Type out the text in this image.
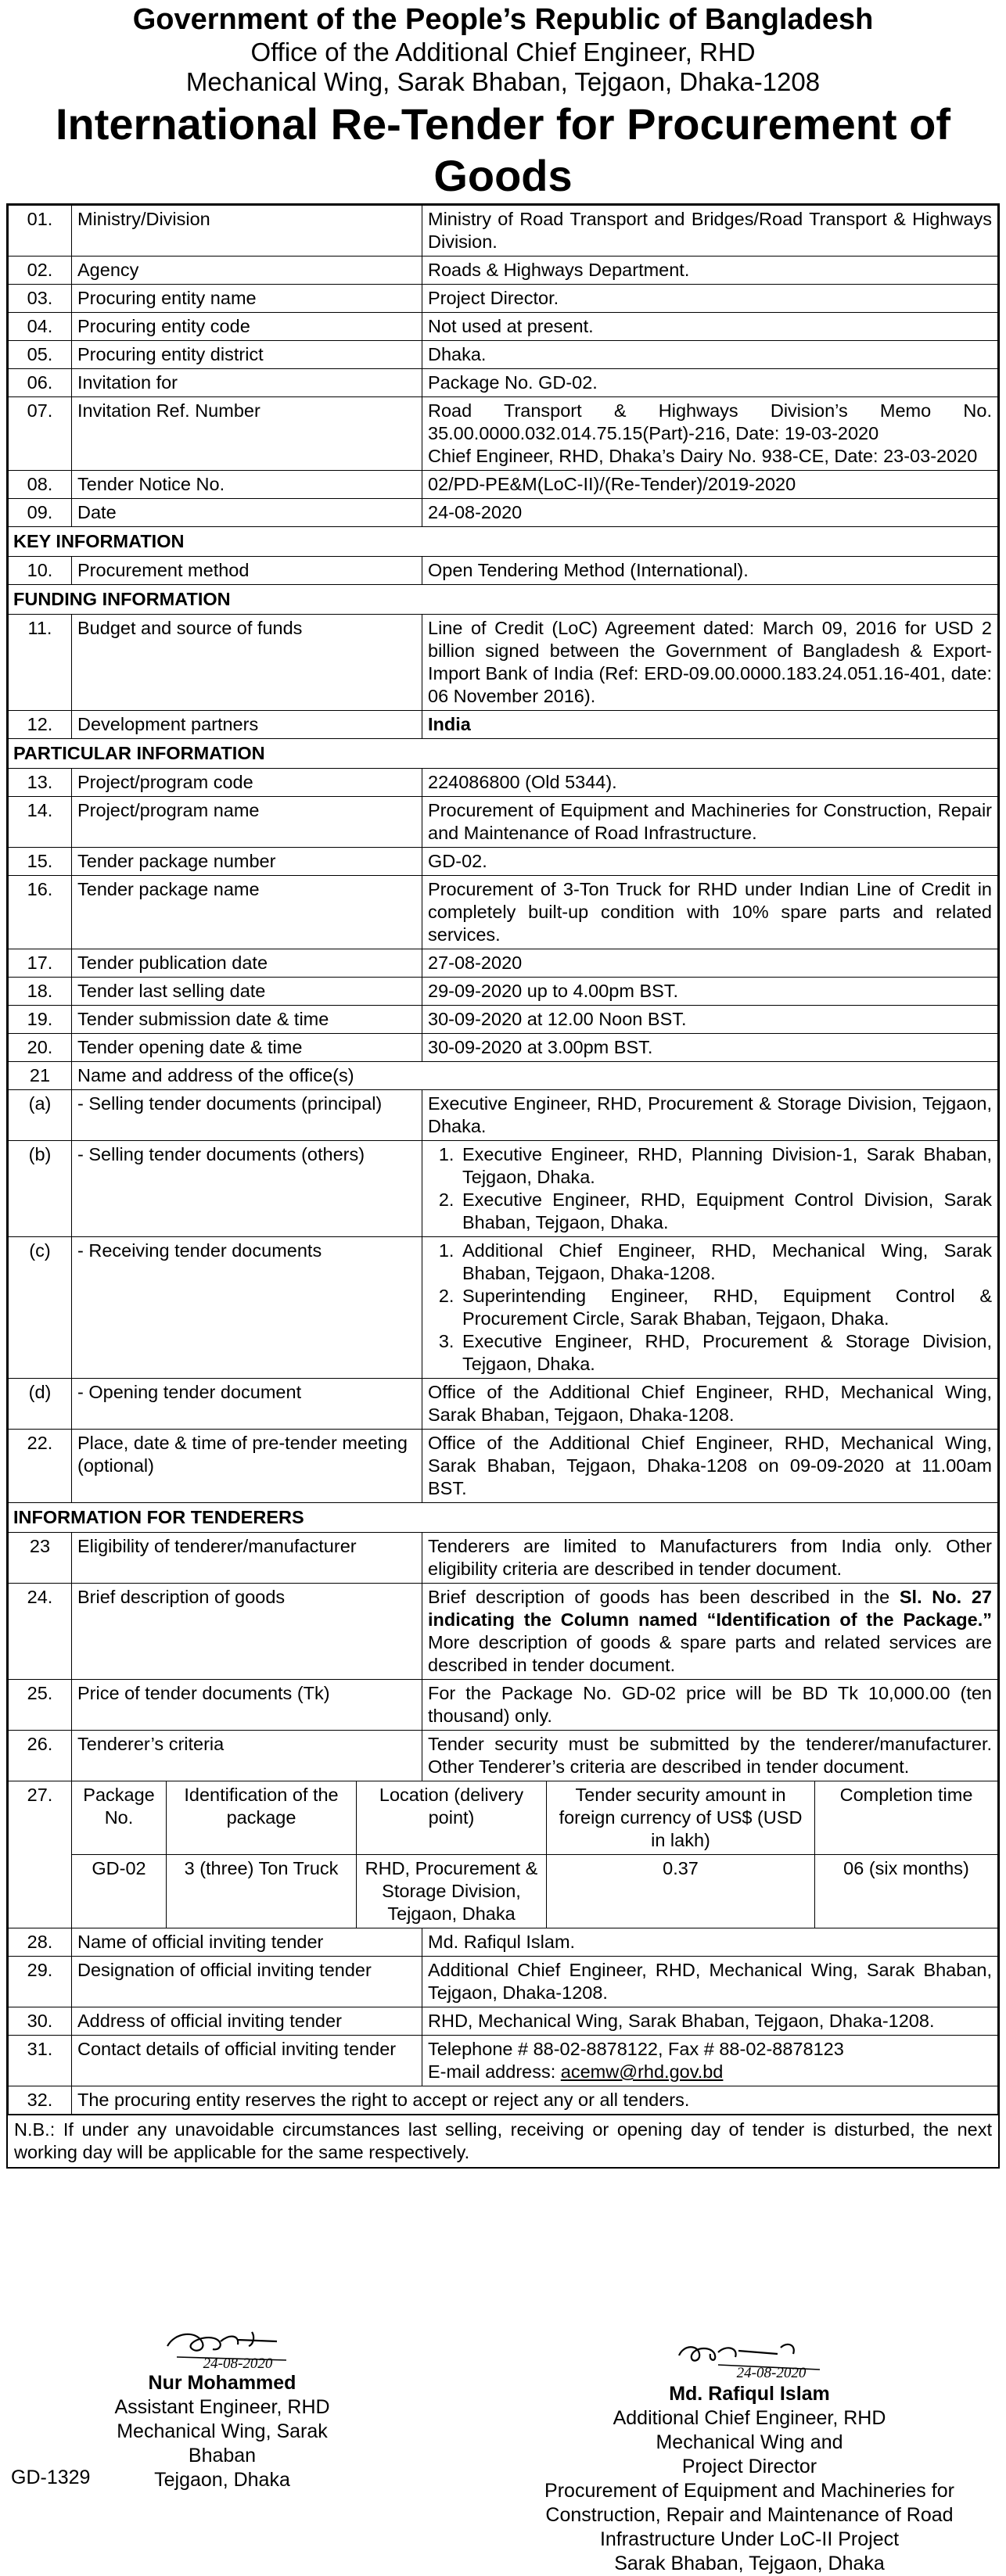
Government of the People’s Republic of Bangladesh
Office of the Additional Chief Engineer, RHD
Mechanical Wing, Sarak Bhaban, Tejgaon, Dhaka-1208
International Re-Tender for Procurement of Goods
01.	Ministry/Division	Ministry of Road Transport and Bridges/Road Transport & Highways Division.
02.	Agency	Roads & Highways Department.
03.	Procuring entity name	Project Director.
04.	Procuring entity code	Not used at present.
05.	Procuring entity district	Dhaka.
06.	Invitation for	Package No. GD-02.
07.	Invitation Ref. Number	Road Transport & Highways Division’s Memo No. 35.00.0000.032.014.75.15(Part)-216, Date: 19-03-2020
Chief Engineer, RHD, Dhaka’s Dairy No. 938-CE, Date: 23-03-2020

08.	Tender Notice No.	02/PD-PE&M(LoC-II)/(Re-Tender)/2019-2020
09.	Date	24-08-2020
KEY INFORMATION
10.	Procurement method	Open Tendering Method (International).
FUNDING INFORMATION
11.	Budget and source of funds	Line of Credit (LoC) Agreement dated: March 09, 2016 for USD 2 billion signed between the Government of Bangladesh & Export-Import Bank of India (Ref: ERD-09.00.0000.183.24.051.16-401, date: 06 November 2016).
12.	Development partners	India
PARTICULAR INFORMATION
13.	Project/program code	224086800 (Old 5344).
14.	Project/program name	Procurement of Equipment and Machineries for Construction, Repair and Maintenance of Road Infrastructure.
15.	Tender package number	GD-02.
16.	Tender package name	Procurement of 3-Ton Truck for RHD under Indian Line of Credit in completely built-up condition with 10% spare parts and related services.
17.	Tender publication date	27-08-2020
18.	Tender last selling date	29-09-2020 up to 4.00pm BST.
19.	Tender submission date & time	30-09-2020 at 12.00 Noon BST.
20.	Tender opening date & time	30-09-2020 at 3.00pm BST.
21	Name and address of the office(s)
(a)	- Selling tender documents (principal)	Executive Engineer, RHD, Procurement & Storage Division, Tejgaon, Dhaka.
(b)	- Selling tender documents (others)	
1.Executive Engineer, RHD, Planning Division-1, Sarak Bhaban, Tejgaon, Dhaka.
2. Executive Engineer, RHD, Equipment Control Division, Sarak Bhaban, Tejgaon, Dhaka.

(c)	- Receiving tender documents	
1.Additional Chief Engineer, RHD, Mechanical Wing, Sarak Bhaban, Tejgaon, Dhaka-1208.
2. Superintending Engineer, RHD, Equipment Control & Procurement Circle, Sarak Bhaban, Tejgaon, Dhaka.
3. Executive Engineer, RHD, Procurement & Storage Division, Tejgaon, Dhaka.

(d)	- Opening tender document	Office of the Additional Chief Engineer, RHD, Mechanical Wing, Sarak Bhaban, Tejgaon, Dhaka-1208.
22.	Place, date & time of pre-tender meeting (optional)	Office of the Additional Chief Engineer, RHD, Mechanical Wing, Sarak Bhaban, Tejgaon, Dhaka-1208 on 09-09-2020 at 11.00am BST.
INFORMATION FOR TENDERERS
23	Eligibility of tenderer/manufacturer	Tenderers are limited to Manufacturers from India only. Other eligibility criteria are described in tender document.
24.	Brief description of goods	Brief description of goods has been described in the Sl. No. 27 indicating the Column named “Identification of the Package.” More description of goods & spare parts and related services are described in tender document.
25.	Price of tender documents (Tk)	For the Package No. GD-02 price will be BD Tk 10,000.00 (ten thousand) only.
26.	Tenderer’s criteria	Tender security must be submitted by the tenderer/manufacturer. Other Tenderer’s criteria are described in tender document.
27.	Package No.	Identification of the package	Location (delivery point)	Tender security amount in foreign currency of US$ (USD in lakh)	Completion time
GD-02	3 (three) Ton Truck	RHD, Procurement & Storage Division, Tejgaon, Dhaka	0.37	06 (six months)

28.	Name of official inviting tender	Md. Rafiqul Islam.
29.	Designation of official inviting tender	Additional Chief Engineer, RHD, Mechanical Wing, Sarak Bhaban, Tejgaon, Dhaka-1208.
30.	Address of official inviting tender	RHD, Mechanical Wing, Sarak Bhaban, Tejgaon, Dhaka-1208.
31.	Contact details of official inviting tender	Telephone # 88-02-8878122, Fax # 88-02-8878123
E-mail address: acemw@rhd.gov.bd

32.	The procuring entity reserves the right to accept or reject any or all tenders.
N.B.: If under any unavoidable circumstances last selling, receiving or opening day of tender is disturbed, the next working day will be applicable for the same respectively.
24-08-2020
Nur Mohammed
Assistant Engineer, RHD
Mechanical Wing, Sarak Bhaban
Tejgaon, Dhaka
24-08-2020
Md. Rafiqul Islam
Additional Chief Engineer, RHD
Mechanical Wing and
Project Director
Procurement of Equipment and Machineries for
Construction, Repair and Maintenance of Road
Infrastructure Under LoC-II Project
Sarak Bhaban, Tejgaon, Dhaka
GD-1329
